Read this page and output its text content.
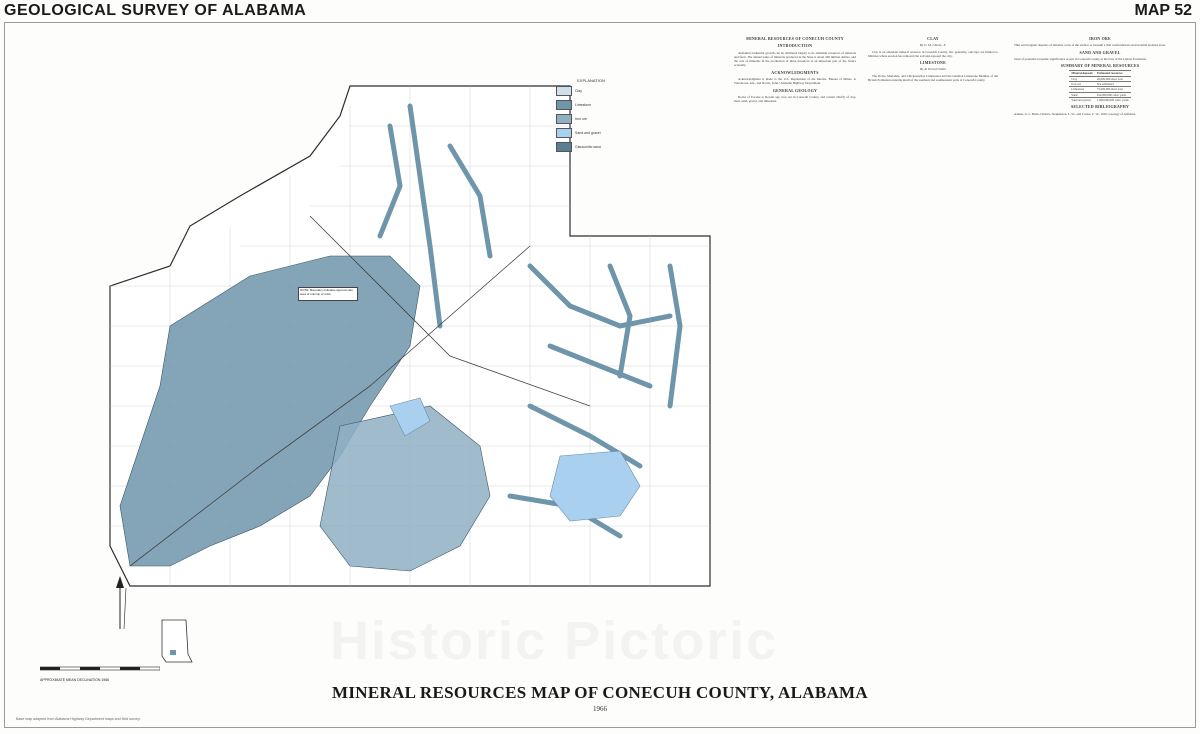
GEOLOGICAL SURVEY OF ALABAMA	MAP 52
NOTE: Boundary indicates approximate area of outcrop of units.
EXPLANATION
Clay
Limestone
Iron ore
Sand and gravel
Glauconitic sand
APPROXIMATE MEAN DECLINATION 1966
MINERAL RESOURCES OF CONECUH COUNTY
INTRODUCTION

Alabama's industrial growth can be attributed largely to its abundant resources of minerals and fuels. The annual value of minerals produced in the State is about 260 million dollars, and the role of minerals in the production of these resources is an important part of the State's economy.

ACKNOWLEDGMENTS

Acknowledgment is made to the U.S. Department of the Interior, Bureau of Mines, at Tuscaloosa, Ala., and Norris, Tenn.; Alabama Highway Department.

GENERAL GEOLOGY

Rocks of Eocene to Recent age crop out in Conecuh County, and consist chiefly of clay, marl, sand, gravel, and limestone.

CLAY
By O. M. Clarke, Jr.

Clay is an abundant mineral resource in Conecuh County, but, generally, outcrops are limited to hillsides where erosion has removed the soil and exposed the clay.

LIMESTONE
By R. Everett Smith

The Ocala, Marianna, and Chickasawhay Limestones and the Glendon Limestone Member of the Byram Formation underlie much of the southern and southeastern parts of Conecuh County.

IRON ORE

Thin and irregular deposits of limonite occur at the surface or beneath a thin overburden in several small isolated areas.

SAND AND GRAVEL

Sand of potential economic significance occurs in Conecuh County at the base of the Lisbon Formation.

SUMMARY OF MINERAL RESOURCES
Mineral deposits	Estimated resources
Clay	26,000,000 short tons
Iron ore	Not estimated
Limestone	75,000,000 short tons
Sand	612,000,000 cubic yards
Sand and gravel	1,000,000,000 cubic yards
SELECTED BIBLIOGRAPHY

Adams, G. I., Butts, Charles, Stephenson, L. W., and Cooke, C. W., 1926, Geology of Alabama.

Historic Pictoric
MINERAL RESOURCES MAP OF CONECUH COUNTY, ALABAMA
1966
Base map adapted from Alabama Highway Department maps and field survey.
